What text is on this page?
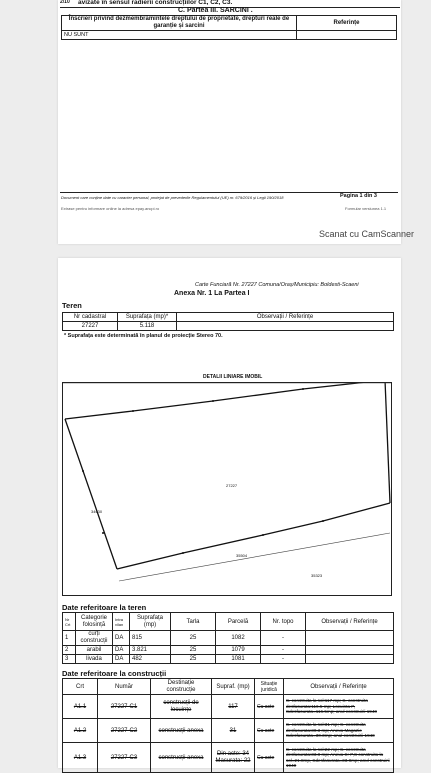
2/10 avizate în sensul radierii construcțiilor C1, C2, C3.
C. Partea III. SARCINI .
Înscrieri privind dezmembrămintele dreptului de proprietate, drepturi reale de garanție și sarcini	Referințe
NU SUNT	
Document care conține date cu caracter personal, protejat de prevederile Regulamentului (UE) nr. 679/2016 și Legii 190/2018	Pagina 1 din 3
Extrase pentru informare online la adresa epay.ancpi.ro	Formular versiunea 1.1
Scanat cu CamScanner
Carte Funciară Nr. 27227 Comuna/Oraș/Municipiu: Boldesti-Scaeni
Anexa Nr. 1 La Partea I
Teren
Nr cadastral	Suprafața (mp)*	Observații / Referințe
27227	5.118	
* Suprafața este determinată în planul de proiecție Stereo 70.
DETALII LINIARE IMOBIL
27227
34630
35504
35323
Date referitoare la teren
Nr Crt	Categorie folosință	Intra vilan	Suprafața (mp)	Tarla	Parcelă	Nr. topo	Observații / Referințe
1	curți construcții	DA	815	25	1082	-	
2	arabil	DA	3.821	25	1079	-	
3	livada	DA	482	25	1081	-	
Date referitoare la construcții
Crt	Număr	Destinație construcție	Supraf. (mp)	Situație juridică	Observații / Referințe
A1.1	27227-C1	construcții de locuințe	117	Cu acte	S. construita la sol:117 mp; S. construita desfasurata:116.5 mp; Locuinta P, Sdesfasurata=116.5mp; anul construirii 1940
A1.2	27227-C2	construcții anexa	31	Cu acte	S. construita la sol:31 mp; S. construita desfasurata:30.3 mp; Anexa Magazie Sdesfasurata=30.3mp; anul construirii 1940
A1.3	27227-C3	construcții anexa	Din acte: 34 Masurata: 22	Cu acte	S. construita la sol:22 mp; S. construita desfasurata:33.8 mp; Anexa S+P,S construita la sol=21.8mp, Sdesfasurata=33.8mp; anul construirii 1940
